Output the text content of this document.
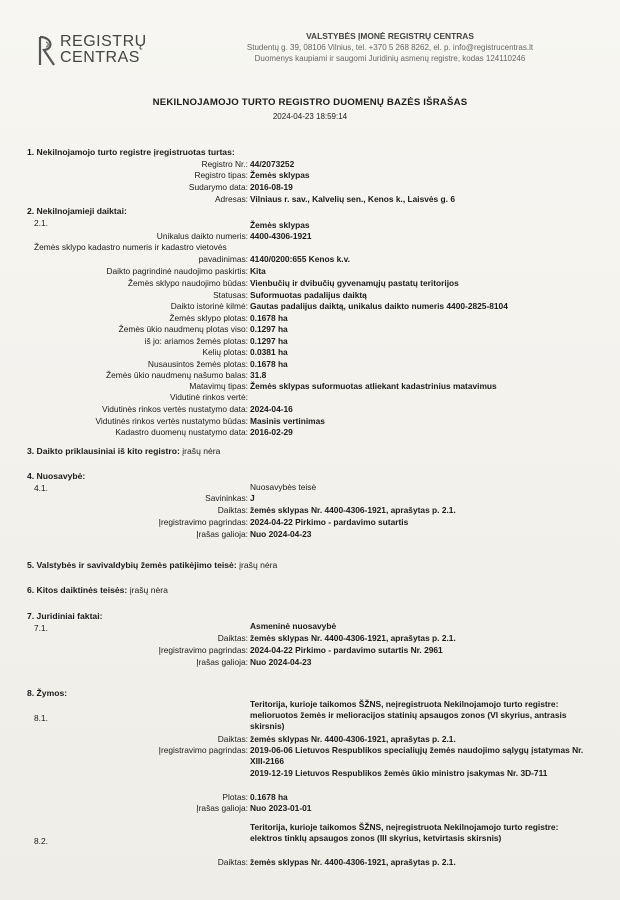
REGISTRŲ
CENTRAS
VALSTYBĖS ĮMONĖ REGISTRŲ CENTRAS
Studentų g. 39, 08106 Vilnius, tel. +370 5 268 8262, el. p. info@registrucentras.lt
Duomenys kaupiami ir saugomi Juridinių asmenų registre, kodas 124110246
NEKILNOJAMOJO TURTO REGISTRO DUOMENŲ BAZĖS IŠRAŠAS
2024-04-23 18:59:14
1. Nekilnojamojo turto registre įregistruotas turtas:
Registro Nr.: 44/2073252
Registro tipas: Žemės sklypas
Sudarymo data: 2016-08-19
Adresas: Vilniaus r. sav., Kalvelių sen., Kenos k., Laisvės g. 6
2. Nekilnojamieji daiktai:
2.1.	Žemės sklypas
Unikalus daikto numeris: 4400-4306-1921
Žemės sklypo kadastro numeris ir kadastro vietovės
pavadinimas: 4140/0200:655 Kenos k.v.
Daikto pagrindinė naudojimo paskirtis: Kita
Žemės sklypo naudojimo būdas: Vienbučių ir dvibučių gyvenamųjų pastatų teritorijos
Statusas: Suformuotas padalijus daiktą
Daikto istorinė kilmė: Gautas padalijus daiktą, unikalus daikto numeris 4400-2825-8104
Žemės sklypo plotas: 0.1678 ha
Žemės ūkio naudmenų plotas viso: 0.1297 ha
iš jo: ariamos žemės plotas: 0.1297 ha
Kelių plotas: 0.0381 ha
Nusausintos žemės plotas: 0.1678 ha
Žemės ūkio naudmenų našumo balas: 31.8
Matavimų tipas: Žemės sklypas suformuotas atliekant kadastrinius matavimus
Vidutinė rinkos vertė:
Vidutinės rinkos vertės nustatymo data: 2024-04-16
Vidutinės rinkos vertės nustatymo būdas: Masinis vertinimas
Kadastro duomenų nustatymo data: 2016-02-29
3. Daikto priklausiniai iš kito registro: įrašų nėra
4. Nuosavybė:
4.1.	Nuosavybės teisė
Savininkas: J
Daiktas: žemės sklypas Nr. 4400-4306-1921, aprašytas p. 2.1.
Įregistravimo pagrindas: 2024-04-22 Pirkimo - pardavimo sutartis
Įrašas galioja: Nuo 2024-04-23
5. Valstybės ir savivaldybių žemės patikėjimo teisė: įrašų nėra
6. Kitos daiktinės teisės: įrašų nėra
7. Juridiniai faktai:
7.1.	Asmeninė nuosavybė
Daiktas: žemės sklypas Nr. 4400-4306-1921, aprašytas p. 2.1.
Įregistravimo pagrindas: 2024-04-22 Pirkimo - pardavimo sutartis Nr. 2961
Įrašas galioja: Nuo 2024-04-23
8. Žymos:
8.1.
Teritorija, kurioje taikomos ŠŽNS, neįregistruota Nekilnojamojo turto registre: melioruotos žemės ir melioracijos statinių apsaugos zonos (VI skyrius, antrasis skirsnis)
Daiktas: žemės sklypas Nr. 4400-4306-1921, aprašytas p. 2.1.
Įregistravimo pagrindas: 2019-06-06 Lietuvos Respublikos specialiųjų žemės naudojimo sąlygų įstatymas Nr. XIII-2166
2019-12-19 Lietuvos Respublikos žemės ūkio ministro įsakymas Nr. 3D-711
Plotas: 0.1678 ha
Įrašas galioja: Nuo 2023-01-01
8.2.
Teritorija, kurioje taikomos ŠŽNS, neįregistruota Nekilnojamojo turto registre: elektros tinklų apsaugos zonos (III skyrius, ketvirtasis skirsnis)
Daiktas: žemės sklypas Nr. 4400-4306-1921, aprašytas p. 2.1.
